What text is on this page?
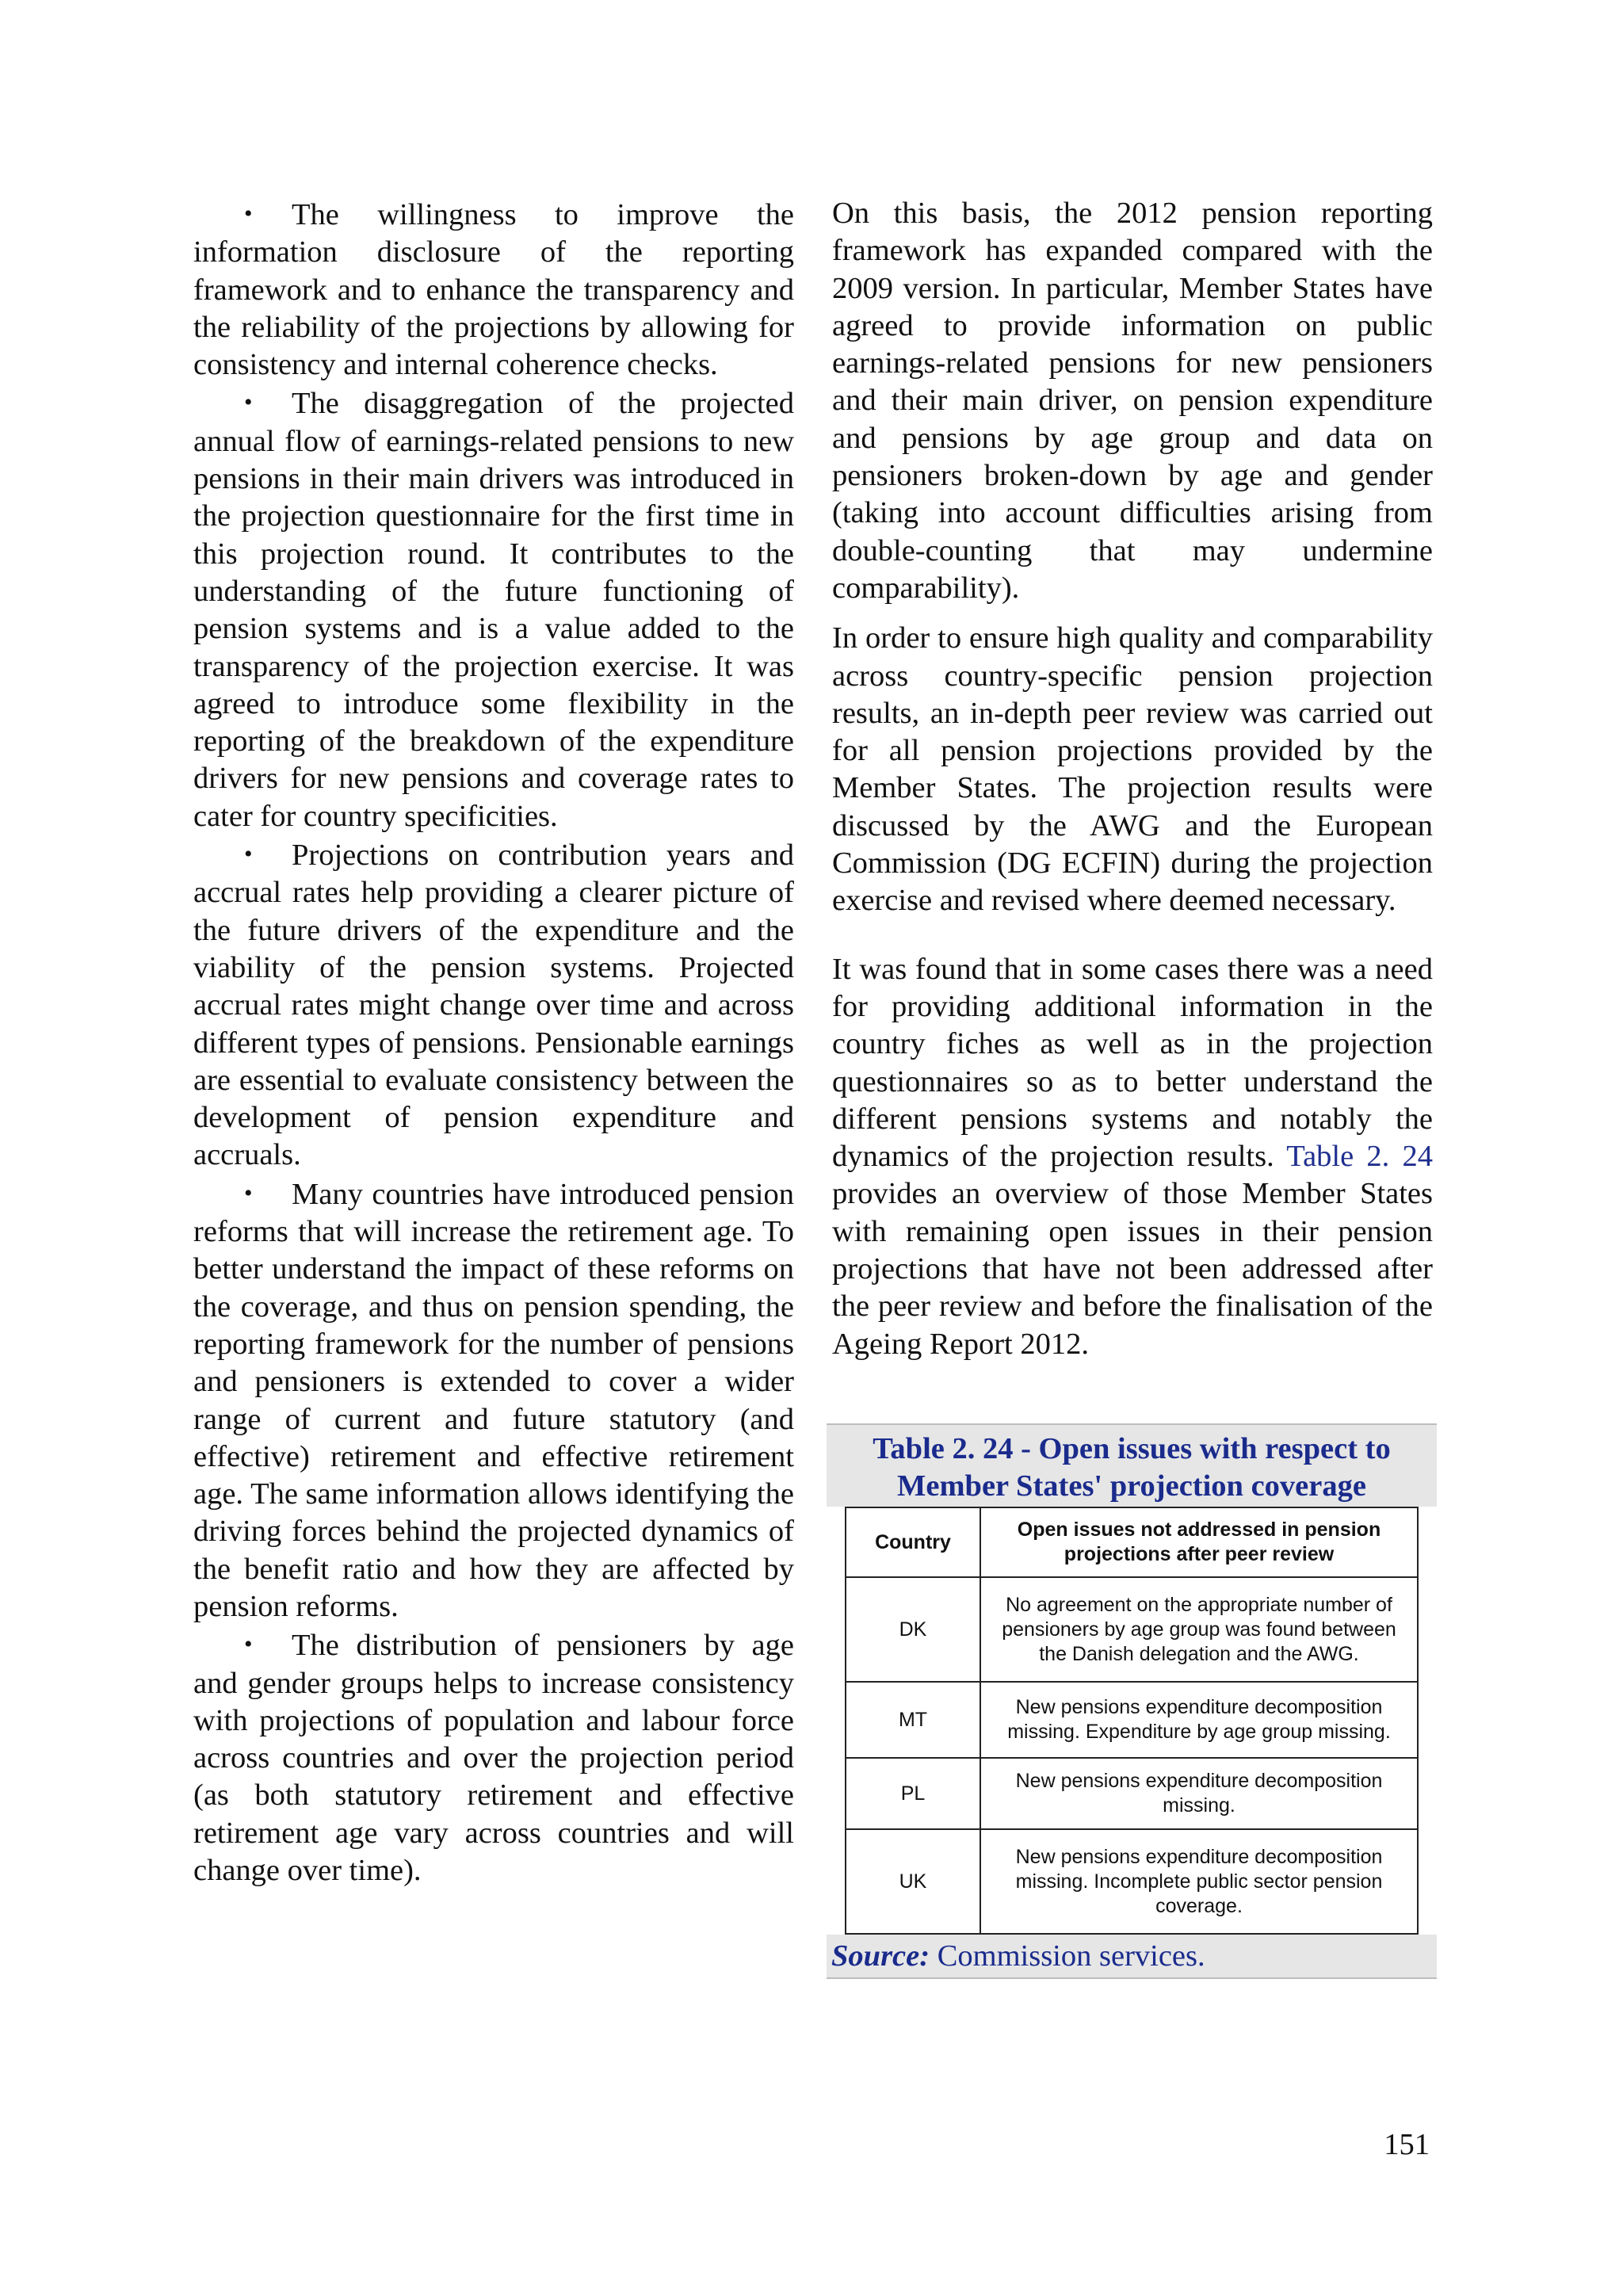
• The willingness to improve the information disclosure of the reporting framework and to enhance the transparency and the reliability of the projections by allowing for consistency and internal coherence checks.

• The disaggregation of the projected annual flow of earnings-related pensions to new pensions in their main drivers was introduced in the projection questionnaire for the first time in this projection round. It contributes to the understanding of the future functioning of pension systems and is a value added to the transparency of the projection exercise. It was agreed to introduce some flexibility in the reporting of the breakdown of the expenditure drivers for new pensions and coverage rates to cater for country specificities.

• Projections on contribution years and accrual rates help providing a clearer picture of the future drivers of the expenditure and the viability of the pension systems. Projected accrual rates might change over time and across different types of pensions. Pensionable earnings are essential to evaluate consistency between the development of pension expenditure and accruals.

• Many countries have introduced pension reforms that will increase the retirement age. To better understand the impact of these reforms on the coverage, and thus on pension spending, the reporting framework for the number of pensions and pensioners is extended to cover a wider range of current and future statutory (and effective) retirement and effective retirement age. The same information allows identifying the driving forces behind the projected dynamics of the benefit ratio and how they are affected by pension reforms.

• The distribution of pensioners by age and gender groups helps to increase consistency with projections of population and labour force across countries and over the projection period (as both statutory retirement and effective retirement age vary across countries and will change over time).

On this basis, the 2012 pension reporting framework has expanded compared with the 2009 version. In particular, Member States have agreed to provide information on public earnings-related pensions for new pensioners and their main driver, on pension expenditure and pensions by age group and data on pensioners broken-down by age and gender (taking into account difficulties arising from double-counting that may undermine comparability).

In order to ensure high quality and comparability across country-specific pension projection results, an in-depth peer review was carried out for all pension projections provided by the Member States. The projection results were discussed by the AWG and the European Commission (DG ECFIN) during the projection exercise and revised where deemed necessary.

It was found that in some cases there was a need for providing additional information in the country fiches as well as in the projection questionnaires so as to better understand the different pensions systems and notably the dynamics of the projection results. Table 2. 24 provides an overview of those Member States with remaining open issues in their pension projections that have not been addressed after the peer review and before the finalisation of the Ageing Report 2012.

Table 2. 24 - Open issues with respect to
Member States' projection coverage
Country	Open issues not addressed in pension projections after peer review
DK	No agreement on the appropriate number of pensioners by age group was found between the Danish delegation and the AWG.
MT	New pensions expenditure decomposition missing. Expenditure by age group missing.
PL	New pensions expenditure decomposition missing.
UK	New pensions expenditure decomposition missing. Incomplete public sector pension coverage.
Source: Commission services.
151
